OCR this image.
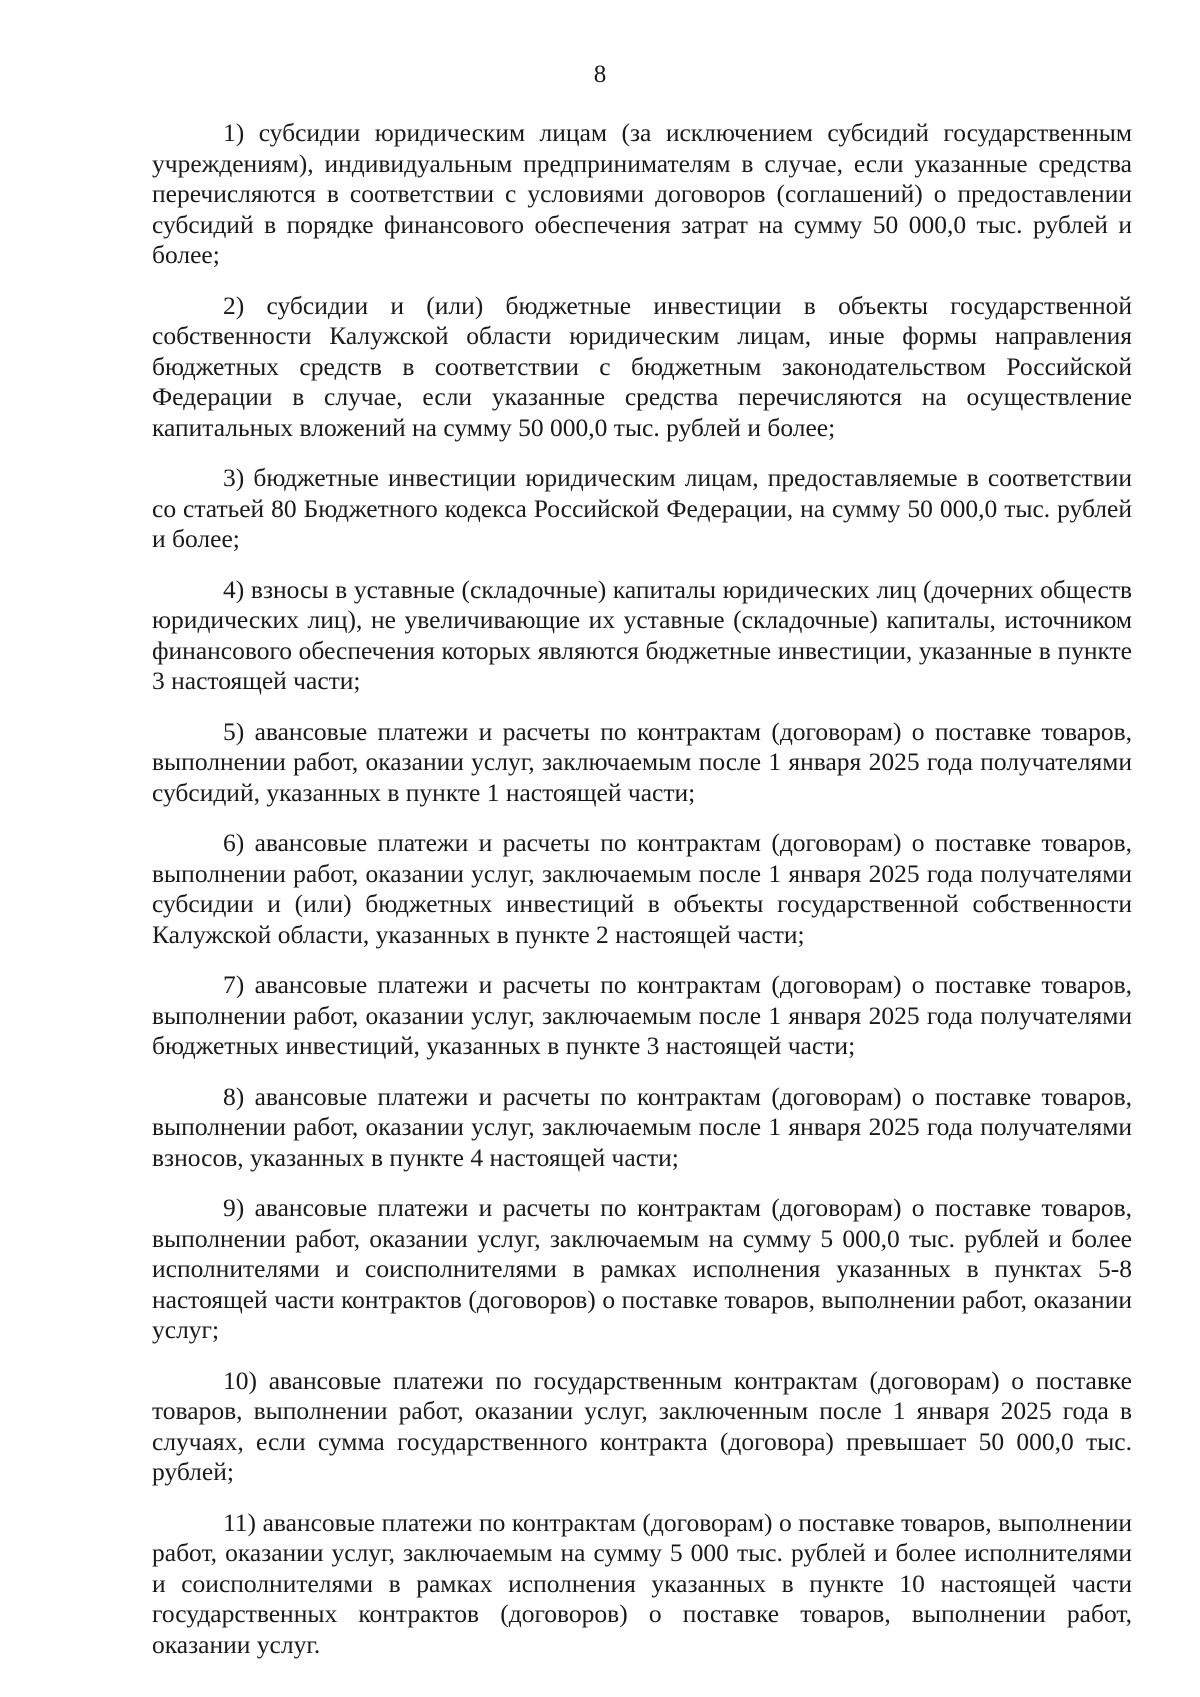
8

1) субсидии юридическим лицам (за исключением субсидий государственным учреждениям), индивидуальным предпринимателям в случае, если указанные средства перечисляются в соответствии с условиями договоров (соглашений) о предоставлении субсидий в порядке финансового обеспечения затрат на сумму 50 000,0 тыс. рублей и более;

2) субсидии и (или) бюджетные инвестиции в объекты государственной собственности Калужской области юридическим лицам, иные формы направления бюджетных средств в соответствии с бюджетным законодательством Российской Федерации в случае, если указанные средства перечисляются на осуществление капитальных вложений на сумму 50 000,0 тыс. рублей и более;

3) бюджетные инвестиции юридическим лицам, предоставляемые в соответствии со статьей 80 Бюджетного кодекса Российской Федерации, на сумму 50 000,0 тыс. рублей и более;

4) взносы в уставные (складочные) капиталы юридических лиц (дочерних обществ юридических лиц), не увеличивающие их уставные (складочные) капиталы, источником финансового обеспечения которых являются бюджетные инвестиции, указанные в пункте 3 настоящей части;

5) авансовые платежи и расчеты по контрактам (договорам) о поставке товаров, выполнении работ, оказании услуг, заключаемым после 1 января 2025 года получателями субсидий, указанных в пункте 1 настоящей части;

6) авансовые платежи и расчеты по контрактам (договорам) о поставке товаров, выполнении работ, оказании услуг, заключаемым после 1 января 2025 года получателями субсидии и (или) бюджетных инвестиций в объекты государственной собственности Калужской области, указанных в пункте 2 настоящей части;

7) авансовые платежи и расчеты по контрактам (договорам) о поставке товаров, выполнении работ, оказании услуг, заключаемым после 1 января 2025 года получателями бюджетных инвестиций, указанных в пункте 3 настоящей части;

8) авансовые платежи и расчеты по контрактам (договорам) о поставке товаров, выполнении работ, оказании услуг, заключаемым после 1 января 2025 года получателями взносов, указанных в пункте 4 настоящей части;

9) авансовые платежи и расчеты по контрактам (договорам) о поставке товаров, выполнении работ, оказании услуг, заключаемым на сумму 5 000,0 тыс. рублей и более исполнителями и соисполнителями в рамках исполнения указанных в пунктах 5-8 настоящей части контрактов (договоров) о поставке товаров, выполнении работ, оказании услуг;

10) авансовые платежи по государственным контрактам (договорам) о поставке товаров, выполнении работ, оказании услуг, заключенным после 1 января 2025 года в случаях, если сумма государственного контракта (договора) превышает 50 000,0 тыс. рублей;

11) авансовые платежи по контрактам (договорам) о поставке товаров, выполнении работ, оказании услуг, заключаемым на сумму 5 000 тыс. рублей и более исполнителями и соисполнителями в рамках исполнения указанных в пункте 10 настоящей части государственных контрактов (договоров) о поставке товаров, выполнении работ, оказании услуг.
